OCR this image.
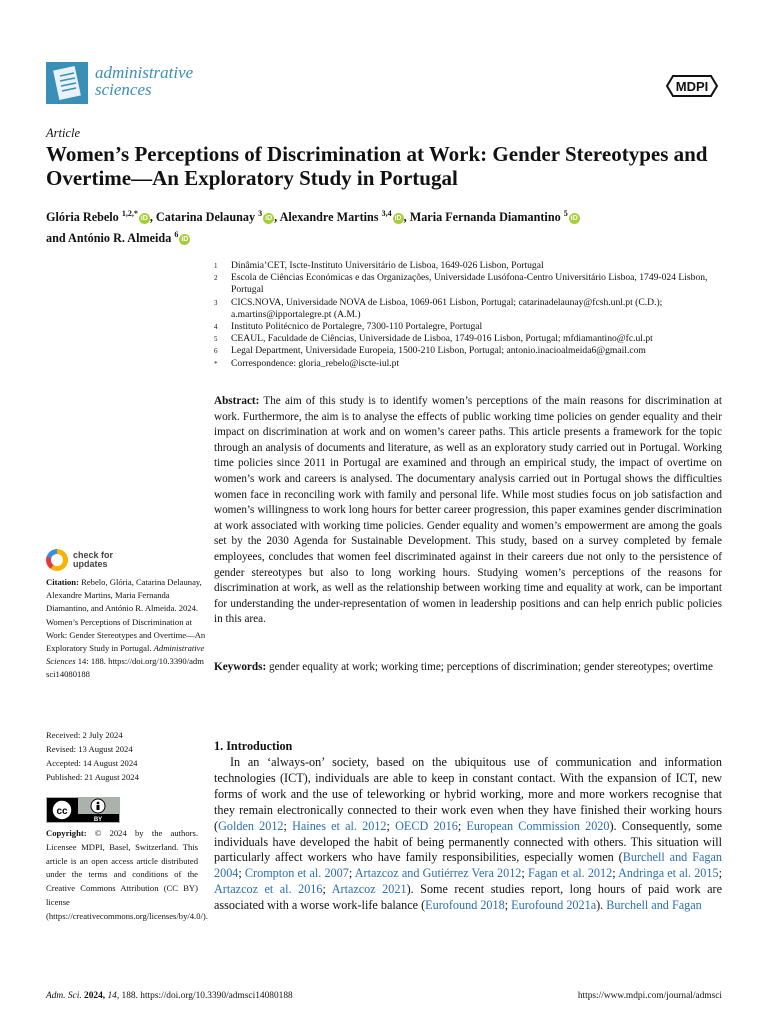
administrative
sciences	MDPI
Article
Women’s Perceptions of Discrimination at Work: Gender Stereotypes and Overtime—An Exploratory Study in Portugal
Glória Rebelo $^{1,2,*}$iD , Catarina Delaunay $^3$iD , Alexandre Martins $^{3,4}$iD , Maria Fernanda Diamantino $^5$iD
and António R. Almeida $^6$iD
1	Dinâmia’CET, Iscte-Instituto Universitário de Lisboa, 1649-026 Lisbon, Portugal
2	Escola de Ciências Económicas e das Organizações, Universidade Lusófona-Centro Universitário Lisboa, 1749-024 Lisbon, Portugal
3	CICS.NOVA, Universidade NOVA de Lisboa, 1069-061 Lisbon, Portugal; catarinadelaunay@fcsh.unl.pt (C.D.); a.martins@ipportalegre.pt (A.M.)
4	Instituto Politécnico de Portalegre, 7300-110 Portalegre, Portugal
5	CEAUL, Faculdade de Ciências, Universidade de Lisboa, 1749-016 Lisbon, Portugal; mfdiamantino@fc.ul.pt
6	Legal Department, Universidade Europeia, 1500-210 Lisbon, Portugal; antonio.inacioalmeida6@gmail.com
*	Correspondence: gloria_rebelo@iscte-iul.pt
Abstract: The aim of this study is to identify women’s perceptions of the main reasons for discrimination at work. Furthermore, the aim is to analyse the effects of public working time policies on gender equality and their impact on discrimination at work and on women’s career paths. This article presents a framework for the topic through an analysis of documents and literature, as well as an exploratory study carried out in Portugal. Working time policies since 2011 in Portugal are examined and through an empirical study, the impact of overtime on women’s work and careers is analysed. The documentary analysis carried out in Portugal shows the difficulties women face in reconciling work with family and personal life. While most studies focus on job satisfaction and women’s willingness to work long hours for better career progression, this paper examines gender discrimination at work associated with working time policies. Gender equality and women’s empowerment are among the goals set by the 2030 Agenda for Sustainable Development. This study, based on a survey completed by female employees, concludes that women feel discriminated against in their careers due not only to the persistence of gender stereotypes but also to long working hours. Studying women’s perceptions of the reasons for discrimination at work, as well as the relationship between working time and equality at work, can be important for understanding the under-representation of women in leadership positions and can help enrich public policies in this area.
Keywords: gender equality at work; working time; perceptions of discrimination; gender stereotypes; overtime
check for
updates
Citation: Rebelo, Glória, Catarina Delaunay, Alexandre Martins, Maria Fernanda Diamantino, and António R. Almeida. 2024. Women’s Perceptions of Discrimination at Work: Gender Stereotypes and Overtime—An Exploratory Study in Portugal. Administrative Sciences 14: 188. https://doi.org/10.3390/admsci14080188
Received: 2 July 2024
Revised: 13 August 2024
Accepted: 14 August 2024
Published: 21 August 2024
cc
BY
Copyright: © 2024 by the authors. Licensee MDPI, Basel, Switzerland. This article is an open access article distributed under the terms and conditions of the Creative Commons Attribution (CC BY) license (https://creativecommons.org/licenses/by/4.0/).
1. Introduction
In an ‘always-on’ society, based on the ubiquitous use of communication and information technologies (ICT), individuals are able to keep in constant contact. With the expansion of ICT, new forms of work and the use of teleworking or hybrid working, more and more workers recognise that they remain electronically connected to their work even when they have finished their working hours (Golden 2012; Haines et al. 2012; OECD 2016; European Commission 2020). Consequently, some individuals have developed the habit of being permanently connected with others. This situation will particularly affect workers who have family responsibilities, especially women (Burchell and Fagan 2004; Crompton et al. 2007; Artazcoz and Gutiérrez Vera 2012; Fagan et al. 2012; Andringa et al. 2015; Artazcoz et al. 2016; Artazcoz 2021). Some recent studies report, long hours of paid work are associated with a worse work-life balance (Eurofound 2018; Eurofound 2021a). Burchell and Fagan
Adm. Sci. 2024, 14, 188. https://doi.org/10.3390/admsci14080188	https://www.mdpi.com/journal/admsci
